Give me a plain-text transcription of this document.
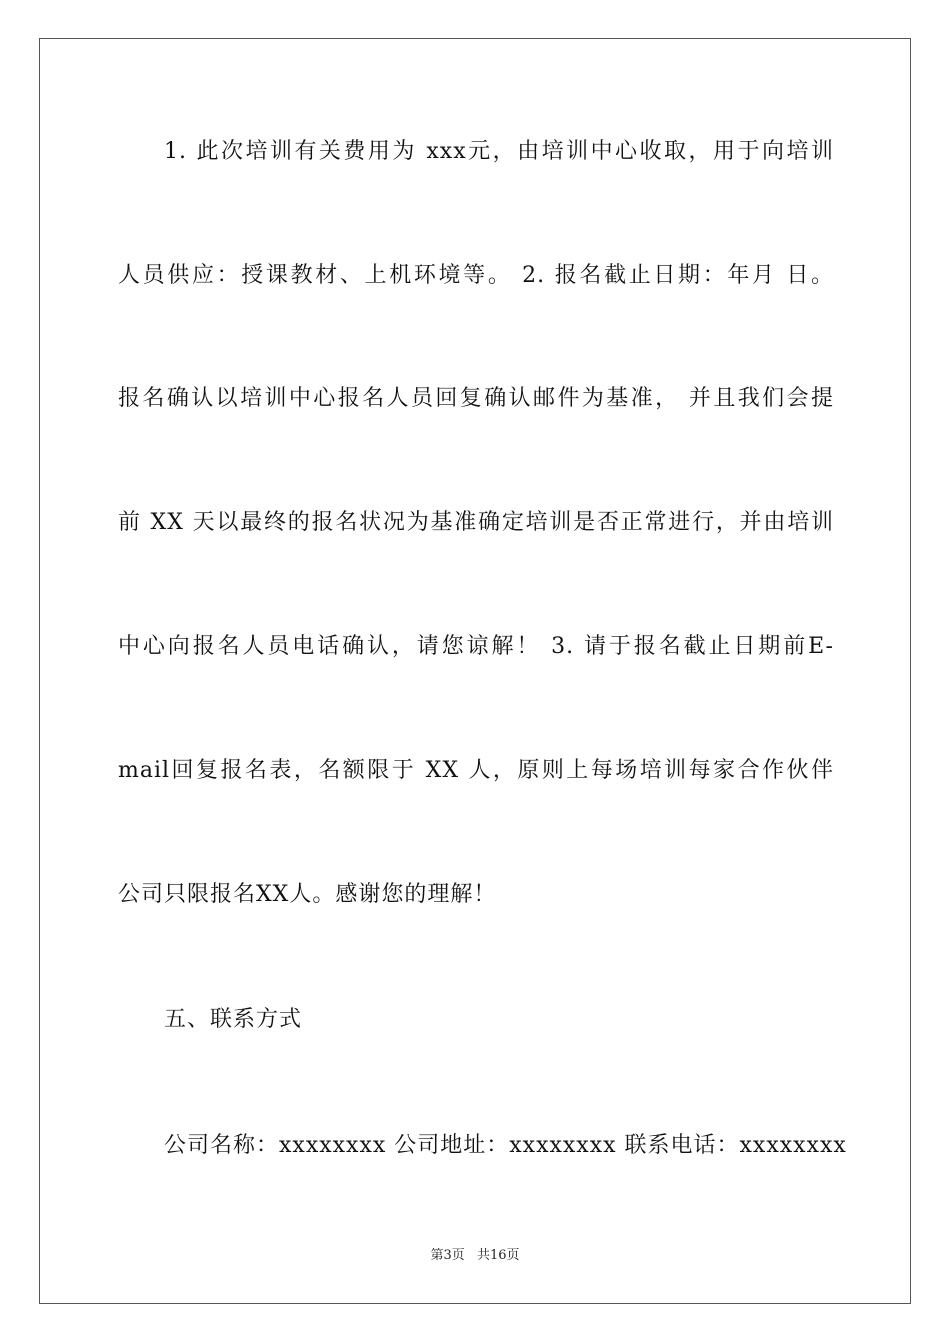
1. 此次培训有关费用为 xxx元，由培训中心收取，用于向培训
人员供应：授课教材、上机环境等。 2. 报名截止日期：年月 日。
报名确认以培训中心报名人员回复确认邮件为基准， 并且我们会提
前 XX 天以最终的报名状况为基准确定培训是否正常进行，并由培训
中心向报名人员电话确认，请您谅解！ 3. 请于报名截止日期前E-
mail回复报名表，名额限于 XX 人，原则上每场培训每家合作伙伴
公司只限报名XX人。感谢您的理解！
五、联系方式
公司名称：xxxxxxxx 公司地址：xxxxxxxx 联系电话：xxxxxxxx
第3页 共16页
